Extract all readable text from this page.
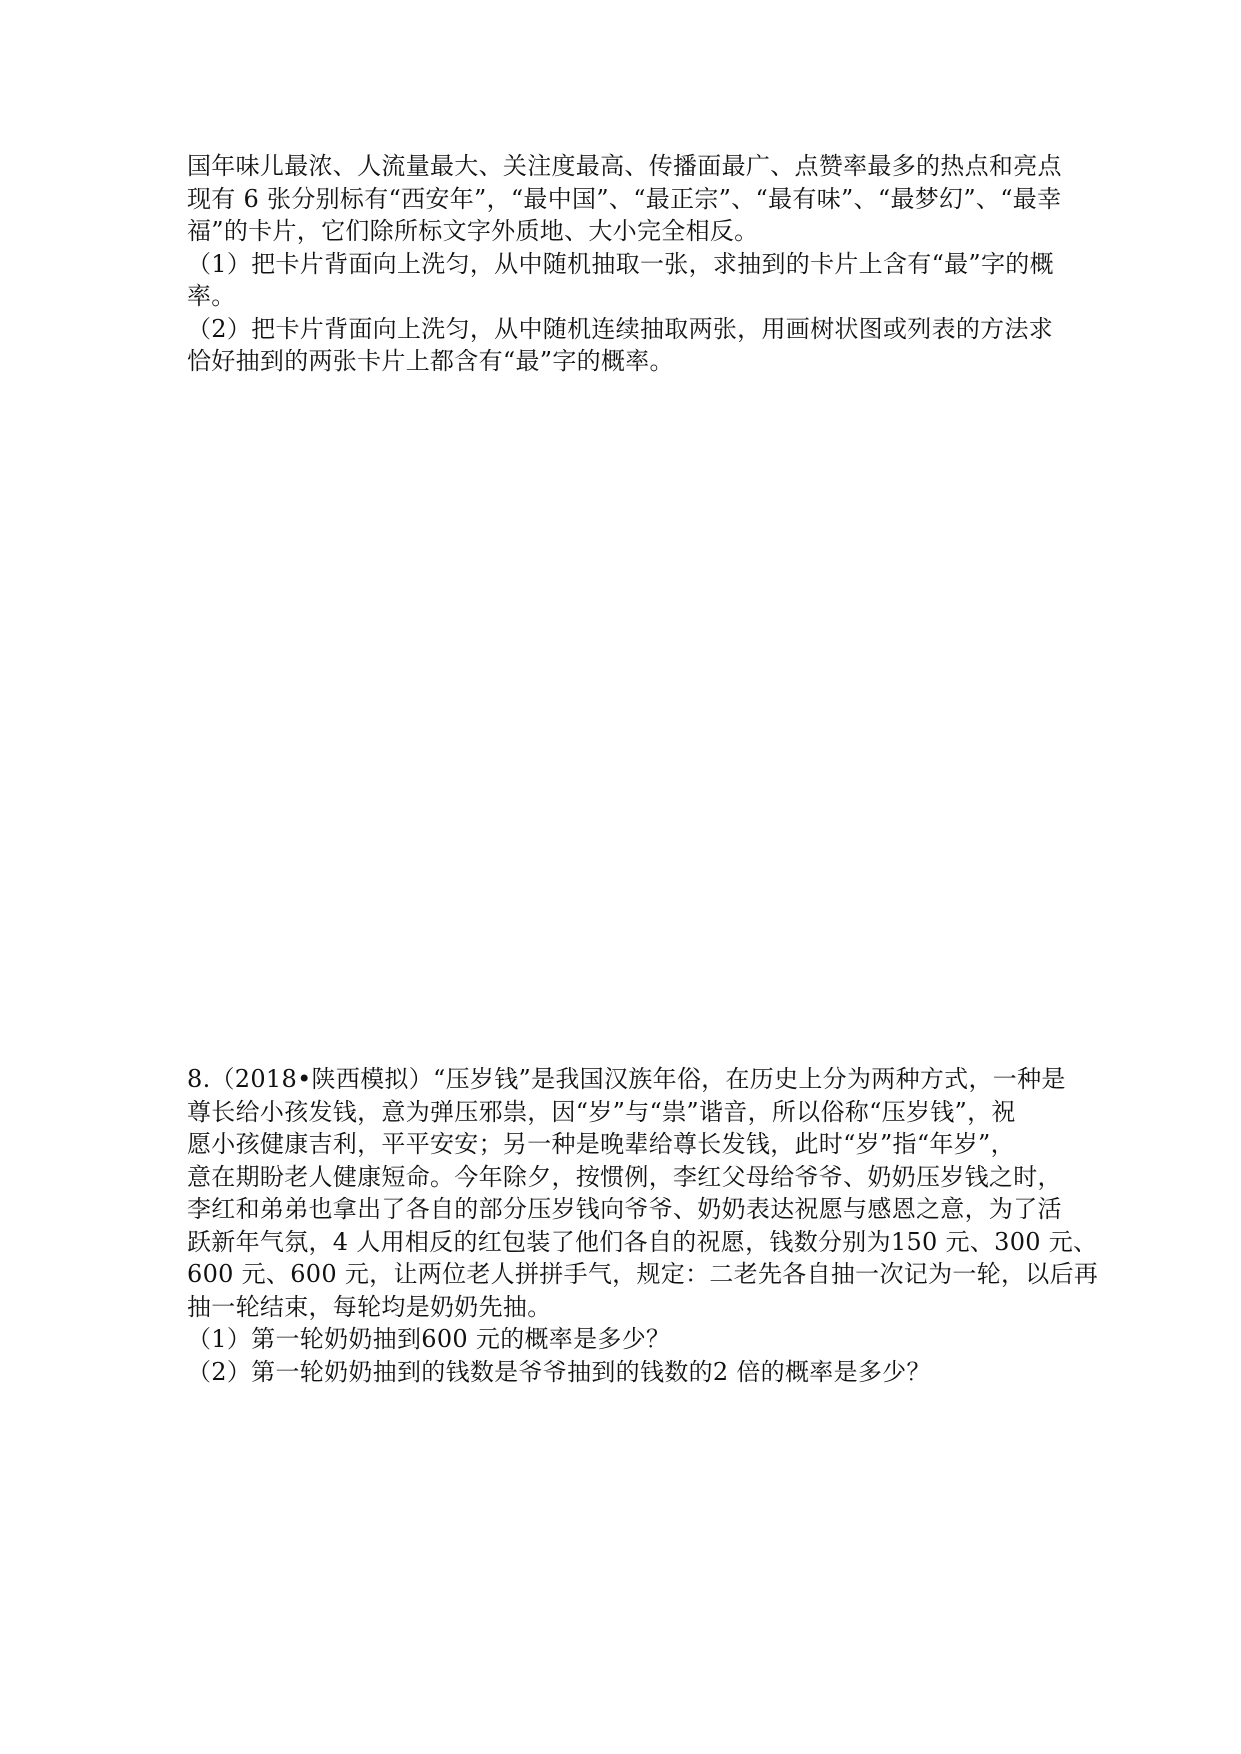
国年味儿最浓、人流量最大、关注度最高、传播面最广、点赞率最多的热点和亮点
现有 6 张分别标有“西安年”，“最中国”、“最正宗”、“最有味”、“最梦幻”、“最幸
福”的卡片，它们除所标文字外质地、大小完全相反。
（1）把卡片背面向上洗匀，从中随机抽取一张，求抽到的卡片上含有“最”字的概
率。
（2）把卡片背面向上洗匀，从中随机连续抽取两张，用画树状图或列表的方法求
恰好抽到的两张卡片上都含有“最”字的概率。
8.（2018•陕西模拟）“压岁钱”是我国汉族年俗，在历史上分为两种方式，一种是
尊长给小孩发钱，意为弹压邪祟，因“岁”与“祟”谐音，所以俗称“压岁钱”，祝
愿小孩健康吉利，平平安安；另一种是晚辈给尊长发钱，此时“岁”指“年岁”，
意在期盼老人健康短命。今年除夕，按惯例，李红父母给爷爷、奶奶压岁钱之时，
李红和弟弟也拿出了各自的部分压岁钱向爷爷、奶奶表达祝愿与感恩之意，为了活
跃新年气氛，4 人用相反的红包装了他们各自的祝愿，钱数分别为150 元、300 元、
600 元、600 元，让两位老人拼拼手气，规定：二老先各自抽一次记为一轮，以后再
抽一轮结束，每轮均是奶奶先抽。
（1）第一轮奶奶抽到600 元的概率是多少？
（2）第一轮奶奶抽到的钱数是爷爷抽到的钱数的2 倍的概率是多少？
